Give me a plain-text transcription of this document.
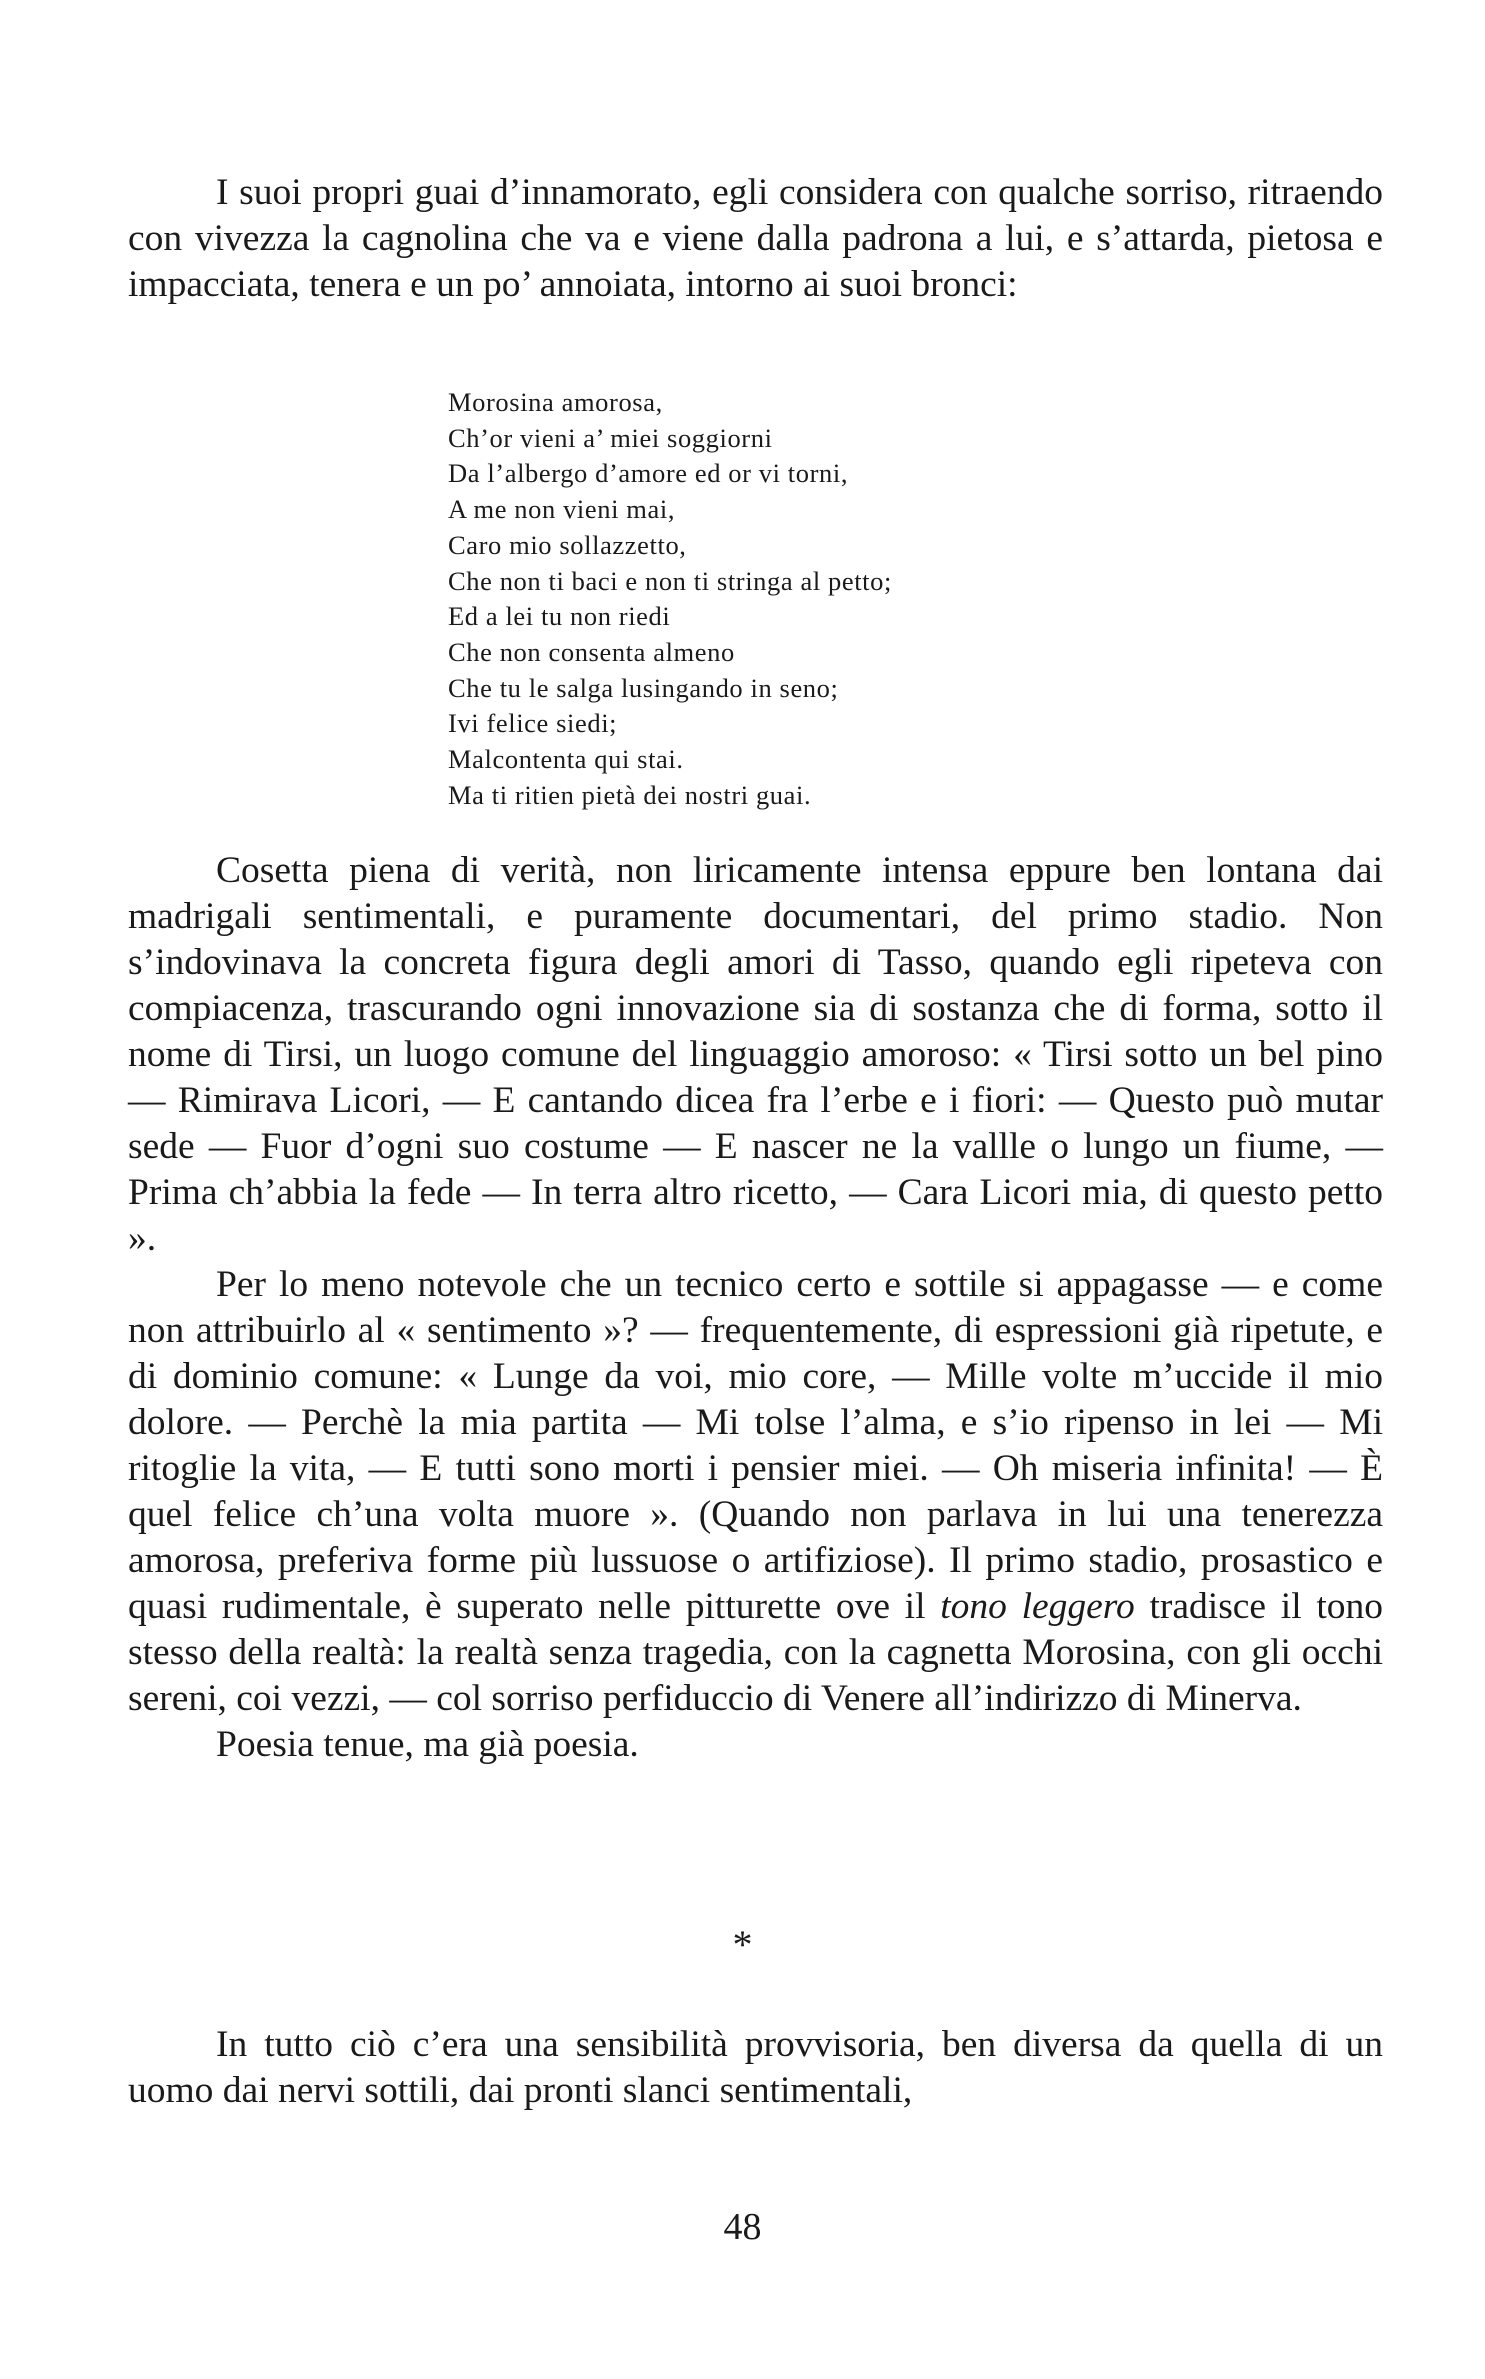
I suoi propri guai d’innamorato, egli considera con qualche sorriso, ritraendo con vivezza la cagnolina che va e viene dalla padrona a lui, e s’attarda, pietosa e impacciata, tenera e un po’ annoiata, intorno ai suoi bronci:

Morosina amorosa,
Ch’or vieni a’ miei soggiorni
Da l’albergo d’amore ed or vi torni,
A me non vieni mai,
Caro mio sollazzetto,
Che non ti baci e non ti stringa al petto;
Ed a lei tu non riedi
Che non consenta almeno
Che tu le salga lusingando in seno;
Ivi felice siedi;
Malcontenta qui stai.
Ma ti ritien pietà dei nostri guai.

Cosetta piena di verità, non liricamente intensa eppure ben lontana dai madrigali sentimentali, e puramente documentari, del primo stadio. Non s’indovinava la concreta figura degli amori di Tasso, quando egli ripeteva con compiacenza, trascurando ogni innovazione sia di sostanza che di forma, sotto il nome di Tirsi, un luogo comune del linguaggio amoroso: « Tirsi sotto un bel pino — Rimirava Licori, — E cantando dicea fra l’erbe e i fiori: — Questo può mutar sede — Fuor d’ogni suo costume — E nascer ne la vallle o lungo un fiume, — Prima ch’abbia la fede — In terra altro ricetto, — Cara Licori mia, di questo petto ».

Per lo meno notevole che un tecnico certo e sottile si appagasse — e come non attribuirlo al « sentimento »? — frequentemente, di espressioni già ripetute, e di dominio comune: « Lunge da voi, mio core, — Mille volte m’uccide il mio dolore. — Perchè la mia partita — Mi tolse l’alma, e s’io ripenso in lei — Mi ritoglie la vita, — E tutti sono morti i pensier miei. — Oh miseria infinita! — È quel felice ch’una volta muore ». (Quando non parlava in lui una tenerezza amorosa, preferiva forme più lussuose o artifiziose). Il primo stadio, prosastico e quasi rudimentale, è superato nelle pitturette ove il tono leggero tradisce il tono stesso della realtà: la realtà senza tragedia, con la cagnetta Morosina, con gli occhi sereni, coi vezzi, — col sorriso perfiduccio di Venere all’indirizzo di Minerva.

Poesia tenue, ma già poesia.

*

In tutto ciò c’era una sensibilità provvisoria, ben diversa da quella di un uomo dai nervi sottili, dai pronti slanci sentimentali,

48
